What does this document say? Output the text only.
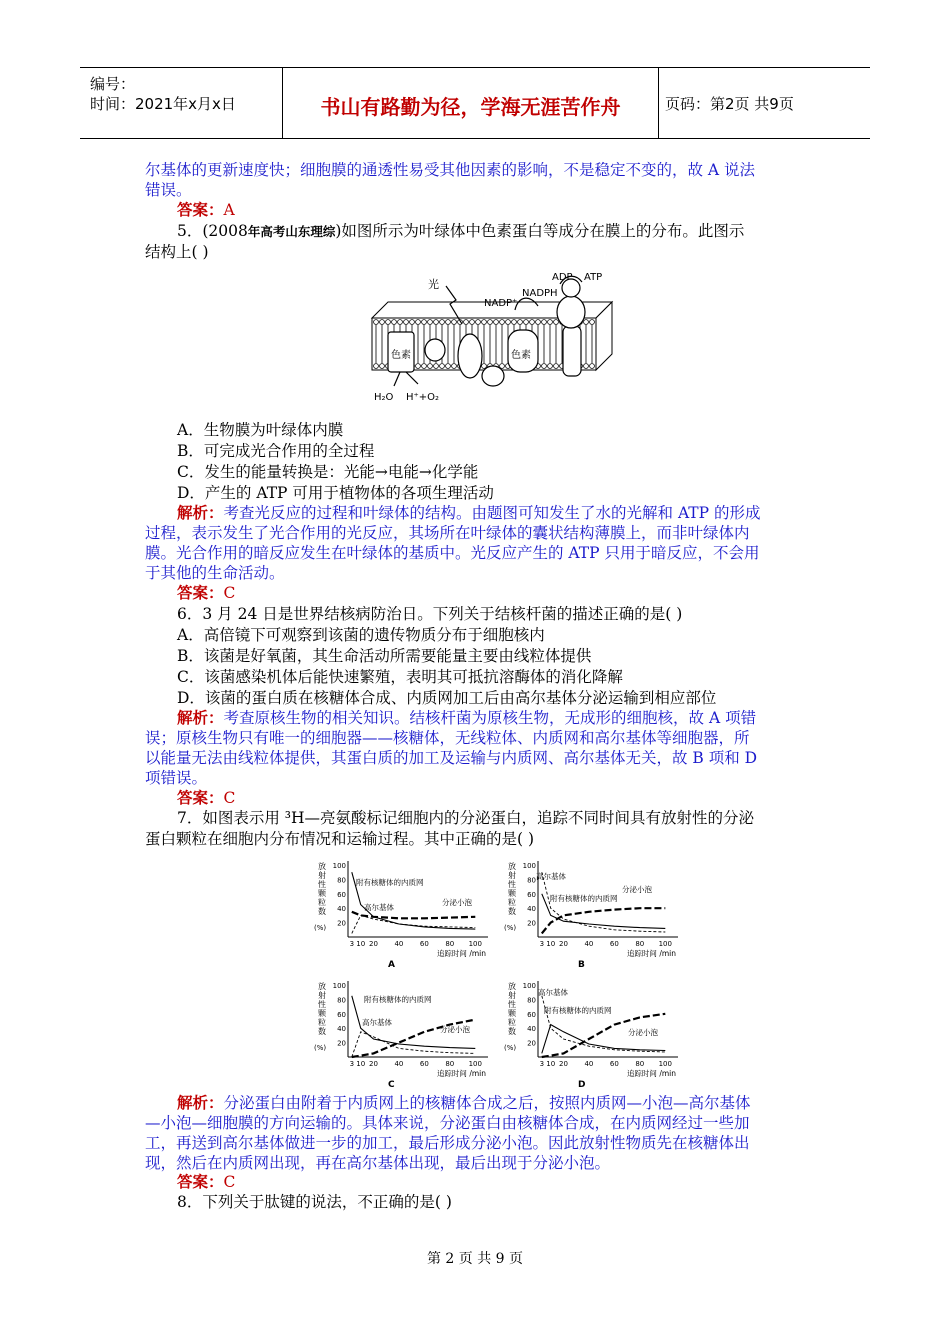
编号：
时间：2021年x月x日	书山有路勤为径，学海无涯苦作舟	页码：第2页 共9页
尔基体的更新速度快；细胞膜的通透性易受其他因素的影响，不是稳定不变的，故 A 说法
错误。
答案：A
5．(2008年高考山东理综)如图所示为叶绿体中色素蛋白等成分在膜上的分布。此图示
结构上( )
光
ADP ATP
NADP⁺
NADPH
色素	色素
H₂O H⁺+O₂
A．生物膜为叶绿体内膜
B．可完成光合作用的全过程
C．发生的能量转换是：光能→电能→化学能
D．产生的 ATP 可用于植物体的各项生理活动
解析：考查光反应的过程和叶绿体的结构。由题图可知发生了水的光解和 ATP 的形成
过程，表示发生了光合作用的光反应，其场所在叶绿体的囊状结构薄膜上，而非叶绿体内
膜。光合作用的暗反应发生在叶绿体的基质中。光反应产生的 ATP 只用于暗反应，不会用
于其他的生命活动。
答案：C
6．3 月 24 日是世界结核病防治日。下列关于结核杆菌的描述正确的是( )
A．高倍镜下可观察到该菌的遗传物质分布于细胞核内
B．该菌是好氧菌，其生命活动所需要能量主要由线粒体提供
C．该菌感染机体后能快速繁殖，表明其可抵抗溶酶体的消化降解
D．该菌的蛋白质在核糖体合成、内质网加工后由高尔基体分泌运输到相应部位
解析：考查原核生物的相关知识。结核杆菌为原核生物，无成形的细胞核，故 A 项错
误；原核生物只有唯一的细胞器——核糖体，无线粒体、内质网和高尔基体等细胞器，所
以能量无法由线粒体提供，其蛋白质的加工及运输与内质网、高尔基体无关，故 B 项和 D
项错误。
答案：C
7．如图表示用 ³H—亮氨酸标记细胞内的分泌蛋白，追踪不同时间具有放射性的分泌
蛋白颗粒在细胞内分布情况和运输过程。其中正确的是( )
放
射
性
颗
粒
数
(%)
100
80
60
40
20
3 10 20 40 60 80 100
追踪时间 /min
A
附有核糖体的内质网
高尔基体
分泌小泡
放
射
性
颗
粒
数
(%)
100
80
60
40
20
3 10 20 40 60 80 100
追踪时间 /min
B
高尔基体
附有核糖体的内质网
分泌小泡
放
射
性
颗
粒
数
(%)
100
80
60
40
20
3 10 20 40 60 80 100
追踪时间 /min
C
附有核糖体的内质网
高尔基体
分泌小泡
放
射
性
颗
粒
数
(%)
100
80
60
40
20
3 10 20 40 60 80 100
追踪时间 /min
D
高尔基体
附有核糖体的内质网
分泌小泡
解析：分泌蛋白由附着于内质网上的核糖体合成之后，按照内质网—小泡—高尔基体
—小泡—细胞膜的方向运输的。具体来说，分泌蛋白由核糖体合成，在内质网经过一些加
工，再送到高尔基体做进一步的加工，最后形成分泌小泡。因此放射性物质先在核糖体出
现，然后在内质网出现，再在高尔基体出现，最后出现于分泌小泡。
答案：C
8．下列关于肽键的说法，不正确的是( )
第 2 页 共 9 页
